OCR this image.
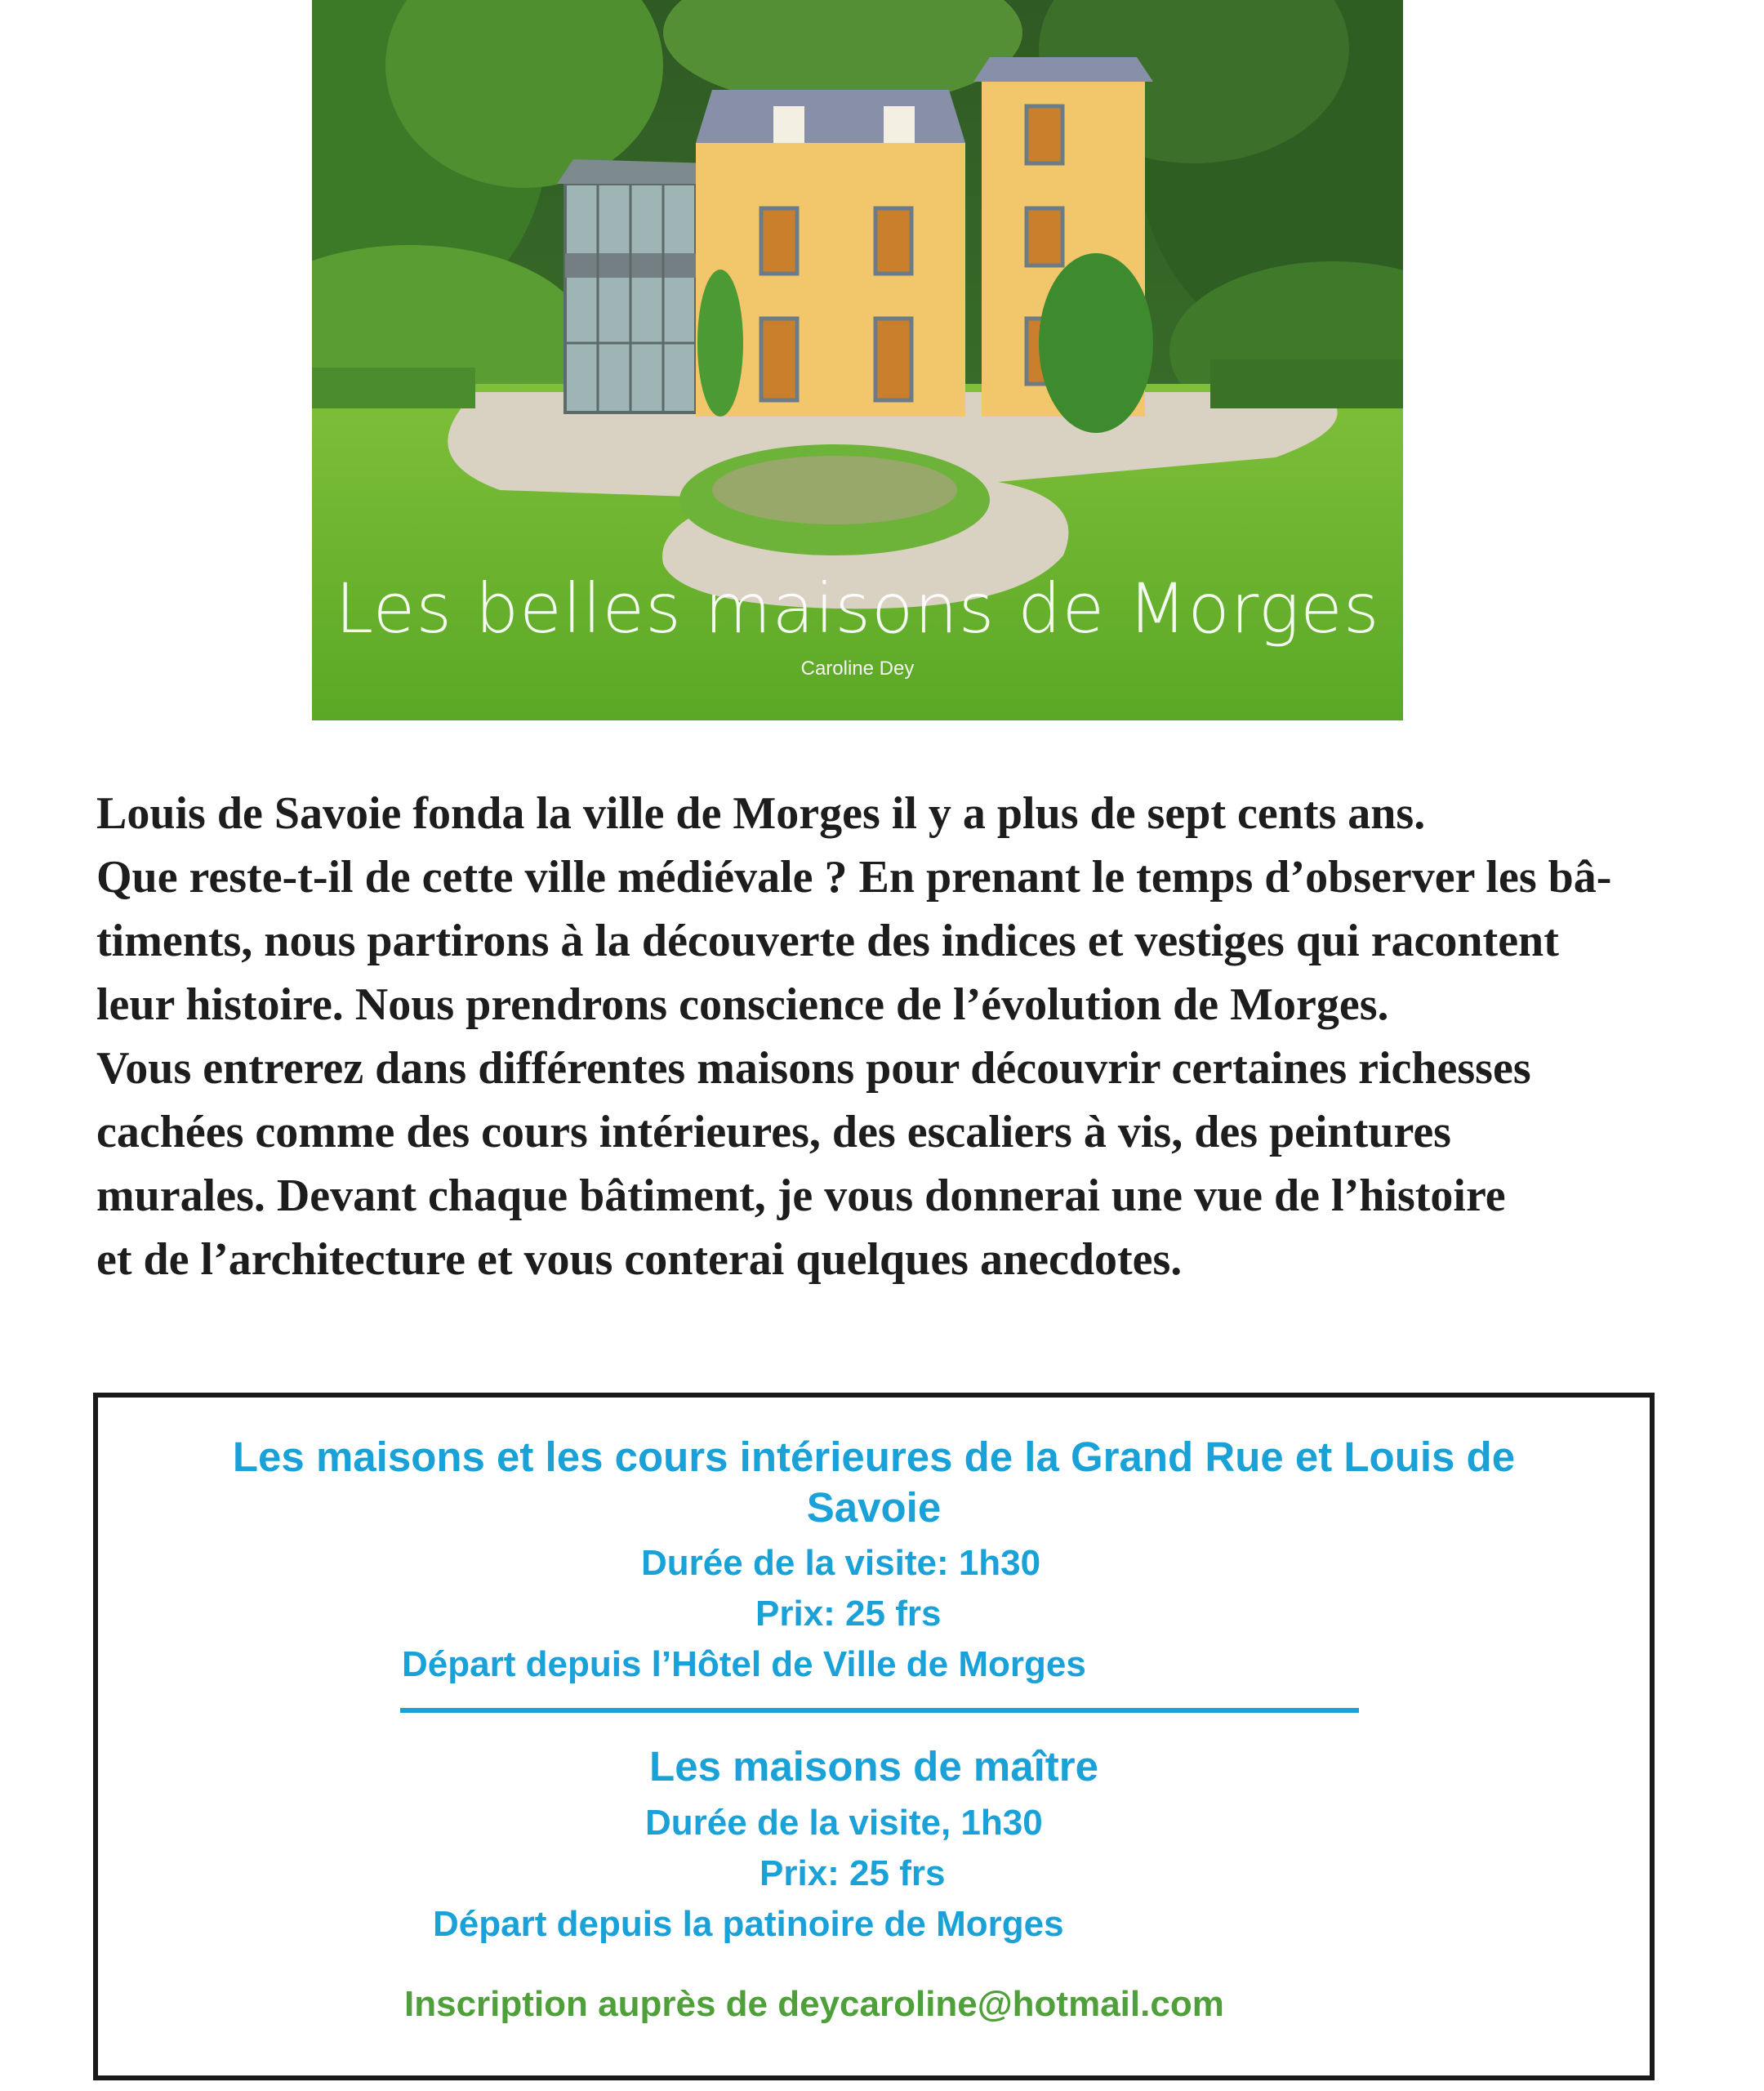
Les belles maisons de Morges
Caroline Dey
Louis de Savoie fonda la ville de Morges il y a plus de sept cents ans.
Que reste-t-il de cette ville médiévale ? En prenant le temps d’observer les bâ-
timents, nous partirons à la découverte des indices et vestiges qui racontent
leur histoire. Nous prendrons conscience de l’évolution de Morges.
Vous entrerez dans différentes maisons pour découvrir certaines richesses
cachées comme des cours intérieures, des escaliers à vis, des peintures
murales. Devant chaque bâtiment, je vous donnerai une vue de l’histoire
et de l’architecture et vous conterai quelques anecdotes.
Les maisons et les cours intérieures de la Grand Rue et Louis de
Savoie
Durée de la visite: 1h30
Prix: 25 frs
Départ depuis l’Hôtel de Ville de Morges
Les maisons de maître
Durée de la visite, 1h30
Prix: 25 frs
Départ depuis la patinoire de Morges
Inscription auprès de deycaroline@hotmail.com
